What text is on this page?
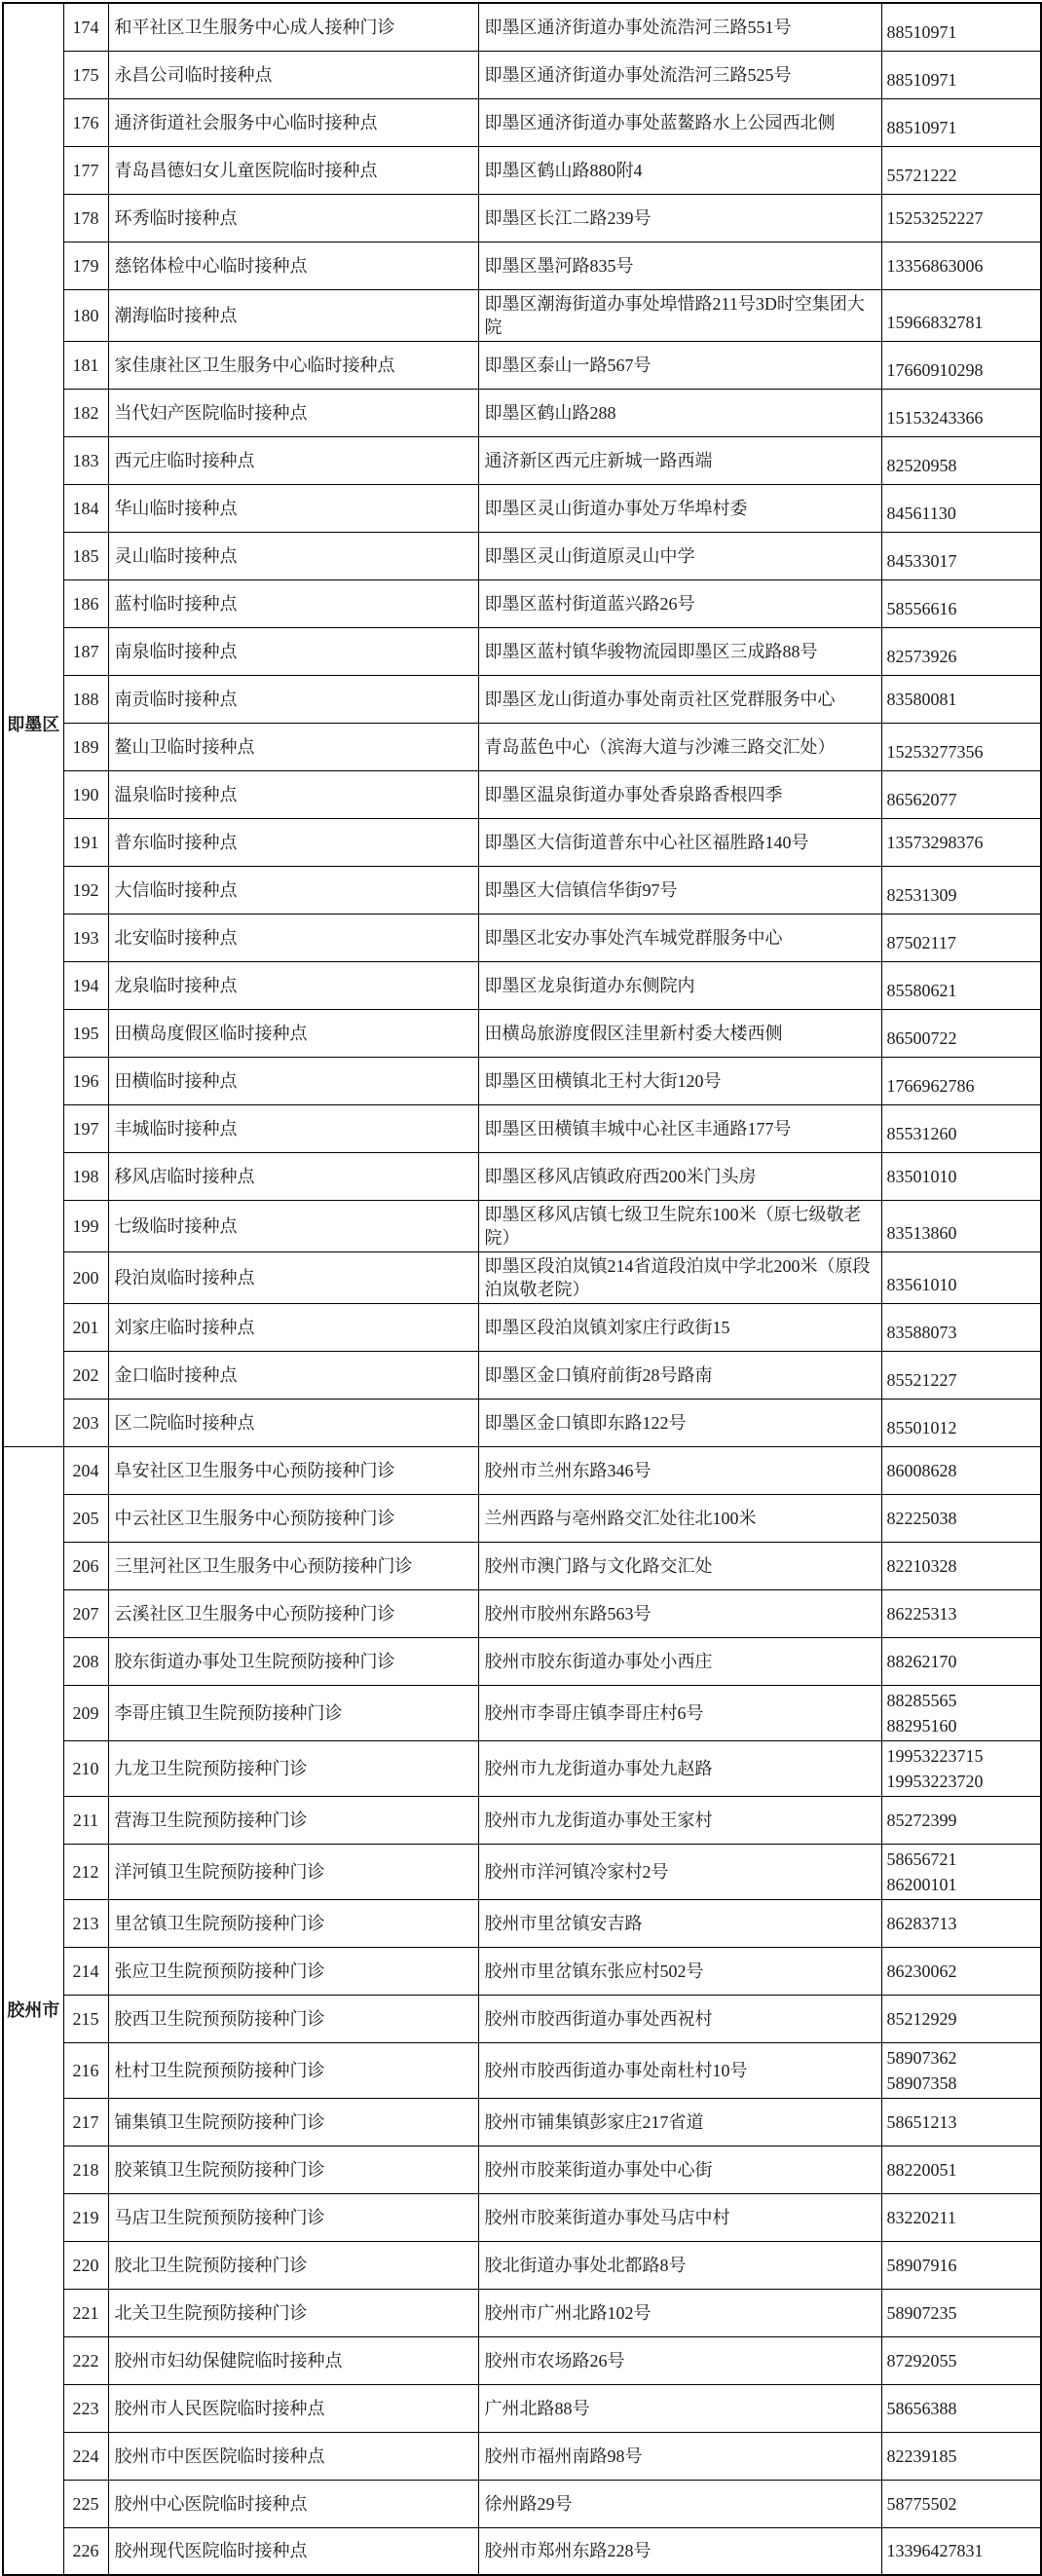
即墨区	174	和平社区卫生服务中心成人接种门诊	即墨区通济街道办事处流浩河三路551号	88510971

	175	永昌公司临时接种点	即墨区通济街道办事处流浩河三路525号	88510971

	176	通济街道社会服务中心临时接种点	即墨区通济街道办事处蓝鳌路水上公园西北侧	88510971

	177	青岛昌德妇女儿童医院临时接种点	即墨区鹤山路880附4	55721222

	178	环秀临时接种点	即墨区长江二路239号	15253252227

	179	慈铭体检中心临时接种点	即墨区墨河路835号	13356863006

	180	潮海临时接种点	即墨区潮海街道办事处埠惜路211号3D时空集团大院	15966832781

	181	家佳康社区卫生服务中心临时接种点	即墨区泰山一路567号	17660910298

	182	当代妇产医院临时接种点	即墨区鹤山路288	15153243366

	183	西元庄临时接种点	通济新区西元庄新城一路西端	82520958

	184	华山临时接种点	即墨区灵山街道办事处万华埠村委	84561130

	185	灵山临时接种点	即墨区灵山街道原灵山中学	84533017

	186	蓝村临时接种点	即墨区蓝村街道蓝兴路26号	58556616

	187	南泉临时接种点	即墨区蓝村镇华骏物流园即墨区三成路88号	82573926

	188	南贡临时接种点	即墨区龙山街道办事处南贡社区党群服务中心	83580081

	189	鳌山卫临时接种点	青岛蓝色中心（滨海大道与沙滩三路交汇处）	15253277356

	190	温泉临时接种点	即墨区温泉街道办事处香泉路香根四季	86562077

	191	普东临时接种点	即墨区大信街道普东中心社区福胜路140号	13573298376

	192	大信临时接种点	即墨区大信镇信华街97号	82531309

	193	北安临时接种点	即墨区北安办事处汽车城党群服务中心	87502117

	194	龙泉临时接种点	即墨区龙泉街道办东侧院内	85580621

	195	田横岛度假区临时接种点	田横岛旅游度假区洼里新村委大楼西侧	86500722

	196	田横临时接种点	即墨区田横镇北王村大街120号	1766962786

	197	丰城临时接种点	即墨区田横镇丰城中心社区丰通路177号	85531260

	198	移风店临时接种点	即墨区移风店镇政府西200米门头房	83501010

	199	七级临时接种点	即墨区移风店镇七级卫生院东100米（原七级敬老院）	83513860

	200	段泊岚临时接种点	即墨区段泊岚镇214省道段泊岚中学北200米（原段泊岚敬老院）	83561010

	201	刘家庄临时接种点	即墨区段泊岚镇刘家庄行政街15	83588073

	202	金口临时接种点	即墨区金口镇府前街28号路南	85521227

	203	区二院临时接种点	即墨区金口镇即东路122号	85501012

胶州市	204	阜安社区卫生服务中心预防接种门诊	胶州市兰州东路346号	86008628

	205	中云社区卫生服务中心预防接种门诊	兰州西路与亳州路交汇处往北100米	82225038

	206	三里河社区卫生服务中心预防接种门诊	胶州市澳门路与文化路交汇处	82210328

	207	云溪社区卫生服务中心预防接种门诊	胶州市胶州东路563号	86225313

	208	胶东街道办事处卫生院预防接种门诊	胶州市胶东街道办事处小西庄	88262170

	209	李哥庄镇卫生院预防接种门诊	胶州市李哥庄镇李哥庄村6号	88285565
88295160

	210	九龙卫生院预防接种门诊	胶州市九龙街道办事处九赵路	19953223715
19953223720

	211	营海卫生院预防接种门诊	胶州市九龙街道办事处王家村	85272399

	212	洋河镇卫生院预防接种门诊	胶州市洋河镇冷家村2号	58656721
86200101

	213	里岔镇卫生院预防接种门诊	胶州市里岔镇安吉路	86283713

	214	张应卫生院预预防接种门诊	胶州市里岔镇东张应村502号	86230062

	215	胶西卫生院预预防接种门诊	胶州市胶西街道办事处西祝村	85212929

	216	杜村卫生院预预防接种门诊	胶州市胶西街道办事处南杜村10号	58907362
58907358

	217	铺集镇卫生院预防接种门诊	胶州市铺集镇彭家庄217省道	58651213

	218	胶莱镇卫生院预防接种门诊	胶州市胶莱街道办事处中心街	88220051

	219	马店卫生院预预防接种门诊	胶州市胶莱街道办事处马店中村	83220211

	220	胶北卫生院预防接种门诊	胶北街道办事处北都路8号	58907916

	221	北关卫生院预防接种门诊	胶州市广州北路102号	58907235

	222	胶州市妇幼保健院临时接种点	胶州市农场路26号	87292055

	223	胶州市人民医院临时接种点	广州北路88号	58656388

	224	胶州市中医医院临时接种点	胶州市福州南路98号	82239185

	225	胶州中心医院临时接种点	徐州路29号	58775502

	226	胶州现代医院临时接种点	胶州市郑州东路228号	13396427831
